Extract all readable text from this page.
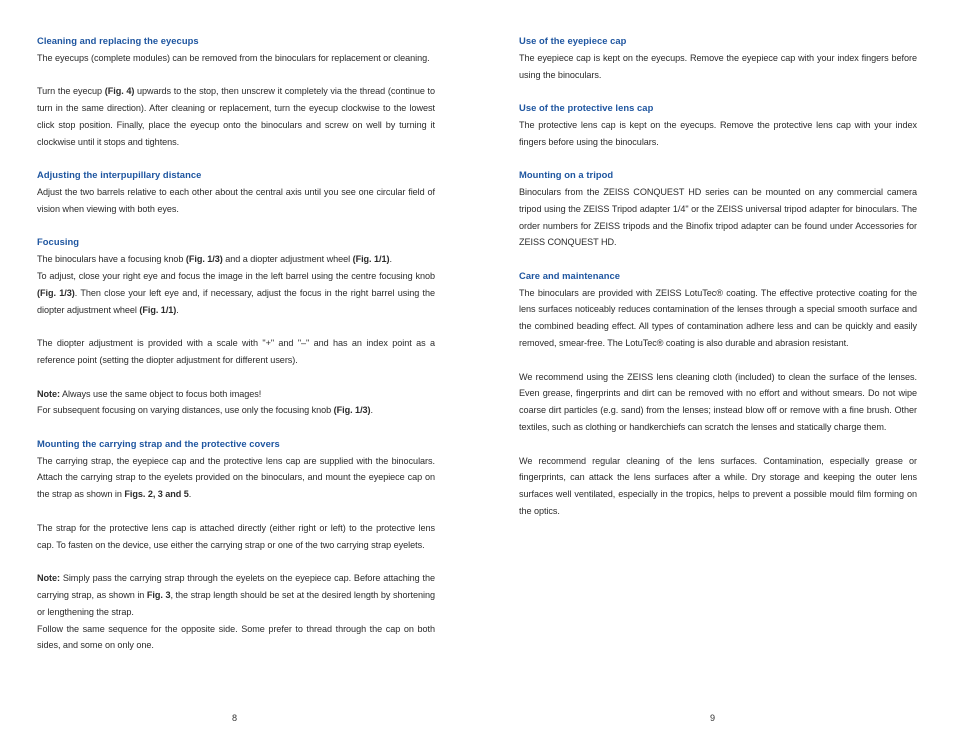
Cleaning and replacing the eyecups

The eyecups (complete modules) can be removed from the binoculars for replacement or cleaning.

Turn the eyecup (Fig. 4) upwards to the stop, then unscrew it completely via the thread (continue to turn in the same direction). After cleaning or replacement, turn the eyecup clockwise to the lowest click stop position. Finally, place the eyecup onto the binoculars and screw on well by turning it clockwise until it stops and tightens.

Adjusting the interpupillary distance

Adjust the two barrels relative to each other about the central axis until you see one circular field of vision when viewing with both eyes.

Focusing

The binoculars have a focusing knob (Fig. 1/3) and a diopter adjustment wheel (Fig. 1/1).

To adjust, close your right eye and focus the image in the left barrel using the centre focusing knob (Fig. 1/3). Then close your left eye and, if necessary, adjust the focus in the right barrel using the diopter adjustment wheel (Fig. 1/1).

The diopter adjustment is provided with a scale with "+" and "–" and has an index point as a reference point (setting the diopter adjustment for different users).

Note: Always use the same object to focus both images!

For subsequent focusing on varying distances, use only the focusing knob (Fig. 1/3).

Mounting the carrying strap and the protective covers

The carrying strap, the eyepiece cap and the protective lens cap are supplied with the binoculars. Attach the carrying strap to the eyelets provided on the binoculars, and mount the eyepiece cap on the strap as shown in Figs. 2, 3 and 5.

The strap for the protective lens cap is attached directly (either right or left) to the protective lens cap. To fasten on the device, use either the carrying strap or one of the two carrying strap eyelets.

Note: Simply pass the carrying strap through the eyelets on the eyepiece cap. Before attaching the carrying strap, as shown in Fig. 3, the strap length should be set at the desired length by shortening or lengthening the strap.

Follow the same sequence for the opposite side. Some prefer to thread through the cap on both sides, and some on only one.

8
Use of the eyepiece cap

The eyepiece cap is kept on the eyecups. Remove the eyepiece cap with your index fingers before using the binoculars.

Use of the protective lens cap

The protective lens cap is kept on the eyecups. Remove the protective lens cap with your index fingers before using the binoculars.

Mounting on a tripod

Binoculars from the ZEISS CONQUEST HD series can be mounted on any commercial camera tripod using the ZEISS Tripod adapter 1/4" or the ZEISS universal tripod adapter for binoculars. The order numbers for ZEISS tripods and the Binofix tripod adapter can be found under Accessories for ZEISS CONQUEST HD.

Care and maintenance

The binoculars are provided with ZEISS LotuTec® coating. The effective protective coating for the lens surfaces noticeably reduces contamination of the lenses through a special smooth surface and the combined beading effect. All types of contamination adhere less and can be quickly and easily removed, smear-free. The LotuTec® coating is also durable and abrasion resistant.

We recommend using the ZEISS lens cleaning cloth (included) to clean the surface of the lenses. Even grease, fingerprints and dirt can be removed with no effort and without smears. Do not wipe coarse dirt particles (e.g. sand) from the lenses; instead blow off or remove with a fine brush. Other textiles, such as clothing or handkerchiefs can scratch the lenses and statically charge them.

We recommend regular cleaning of the lens surfaces. Contamination, especially grease or fingerprints, can attack the lens surfaces after a while. Dry storage and keeping the outer lens surfaces well ventilated, especially in the tropics, helps to prevent a possible mould film forming on the optics.

9
